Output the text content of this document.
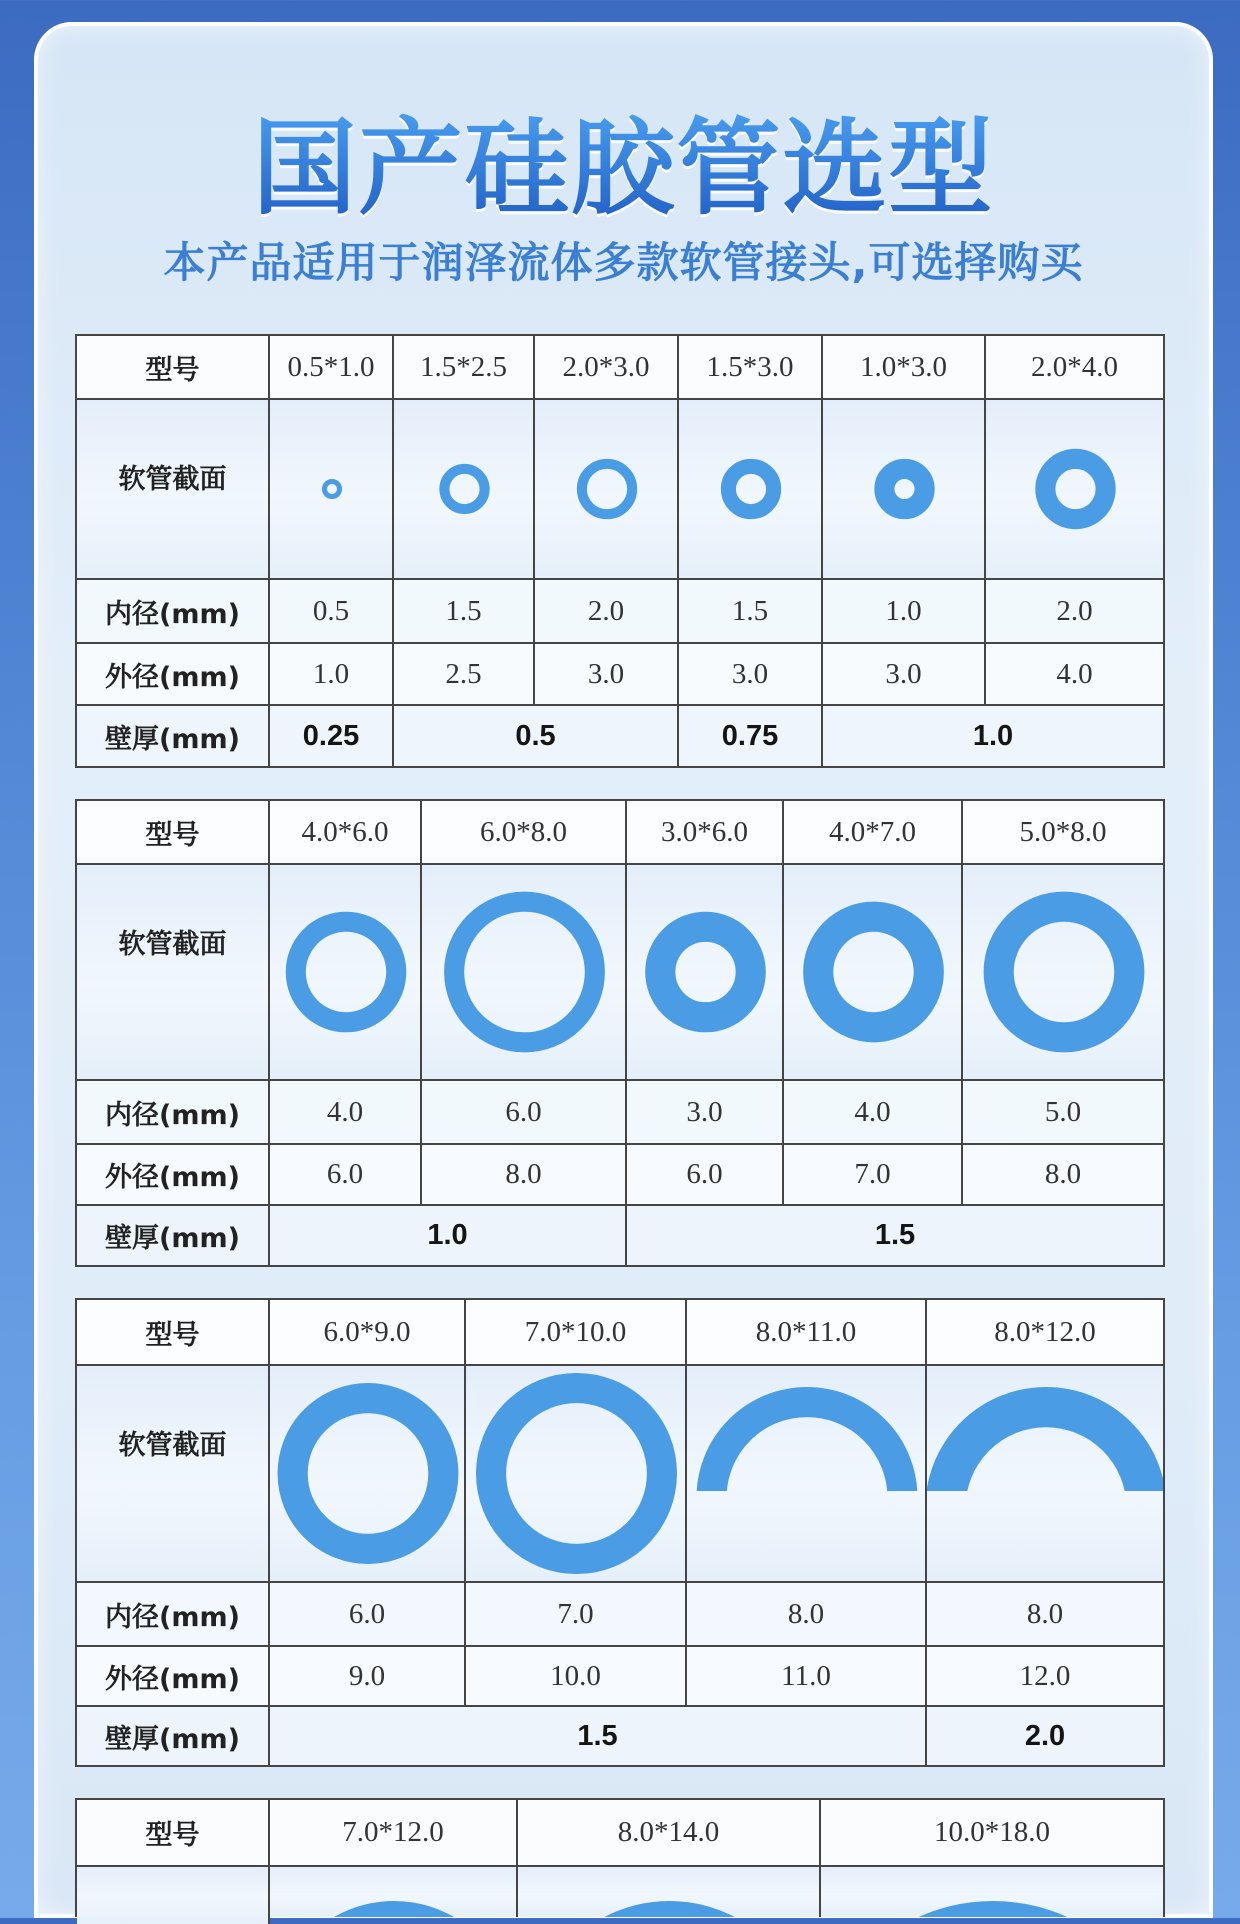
国产硅胶管选型
本产品适用于润泽流体多款软管接头,可选择购买
型号	0.5*1.0 1.5*2.5 2.0*3.0 1.5*3.0 1.0*3.0	2.0*4.0
软管截面
内径(mm)	0.5	1.5	2.0	1.5	1.0	2.0
外径(mm)	1.0	2.5	3.0	3.0	3.0	4.0
壁厚(mm) 0.25	0.5	0.75	1.0
型号	4.0*6.0	6.0*8.0	3.0*6.0	4.0*7.0	5.0*8.0
软管截面
内径(mm)	4.0	6.0	3.0	4.0	5.0
外径(mm)	6.0	8.0	6.0	7.0	8.0
壁厚(mm)	1.0	1.5
型号	6.0*9.0	7.0*10.0	8.0*11.0	8.0*12.0
软管截面
内径(mm)	6.0	7.0	8.0	8.0
外径(mm)	9.0	10.0	11.0	12.0
壁厚(mm)	1.5	2.0
型号	7.0*12.0	8.0*14.0	10.0*18.0
